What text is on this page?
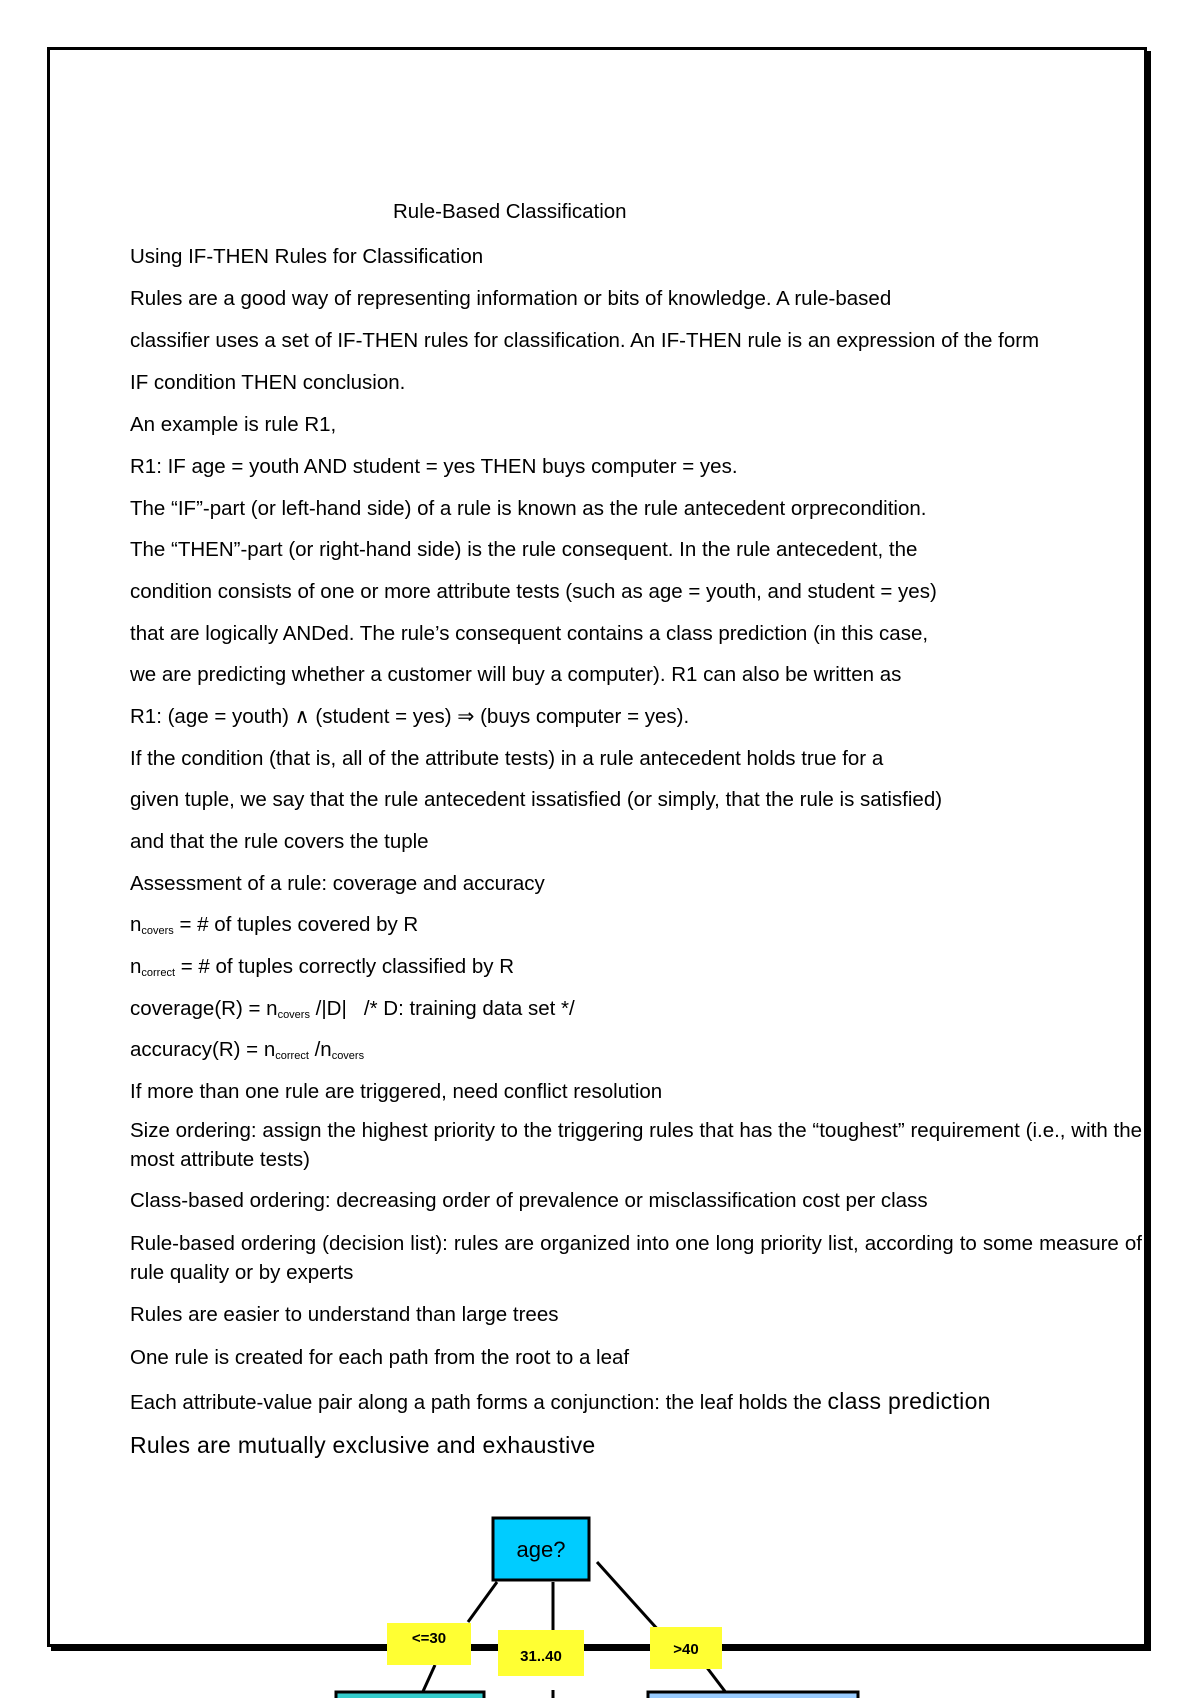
Rule-Based Classification
Using IF-THEN Rules for Classification
Rules are a good way of representing information or bits of knowledge. A rule-based
classifier uses a set of IF-THEN rules for classification. An IF-THEN rule is an expression of the form
IF condition THEN conclusion.
An example is rule R1,
R1: IF age = youth AND student = yes THEN buys computer = yes.
The “IF”-part (or left-hand side) of a rule is known as the rule antecedent orprecondition.
The “THEN”-part (or right-hand side) is the rule consequent. In the rule antecedent, the
condition consists of one or more attribute tests (such as age = youth, and student = yes)
that are logically ANDed. The rule’s consequent contains a class prediction (in this case,
we are predicting whether a customer will buy a computer). R1 can also be written as
R1: (age = youth) ∧ (student = yes) ⇒ (buys computer = yes).
If the condition (that is, all of the attribute tests) in a rule antecedent holds true for a
given tuple, we say that the rule antecedent issatisfied (or simply, that the rule is satisfied)
and that the rule covers the tuple
Assessment of a rule: coverage and accuracy
$n_{covers}$ = # of tuples covered by R
$n_{correct}$ = # of tuples correctly classified by R
coverage(R) = $n_{covers}$ /|D|   /* D: training data set */
accuracy(R) = $n_{correct}$ $/n_{covers}$
If more than one rule are triggered, need conflict resolution
Size ordering: assign the highest priority to the triggering rules that has the “toughest” requirement (i.e., with the most attribute tests)
Class-based ordering: decreasing order of prevalence or misclassification cost per class
Rule-based ordering (decision list): rules are organized into one long priority list, according to some measure of rule quality or by experts
Rules are easier to understand than large trees
One rule is created for each path from the root to a leaf
Each attribute-value pair along a path forms a conjunction: the leaf holds the class prediction
Rules are mutually exclusive and exhaustive
age?
<=30
31..40	>40
